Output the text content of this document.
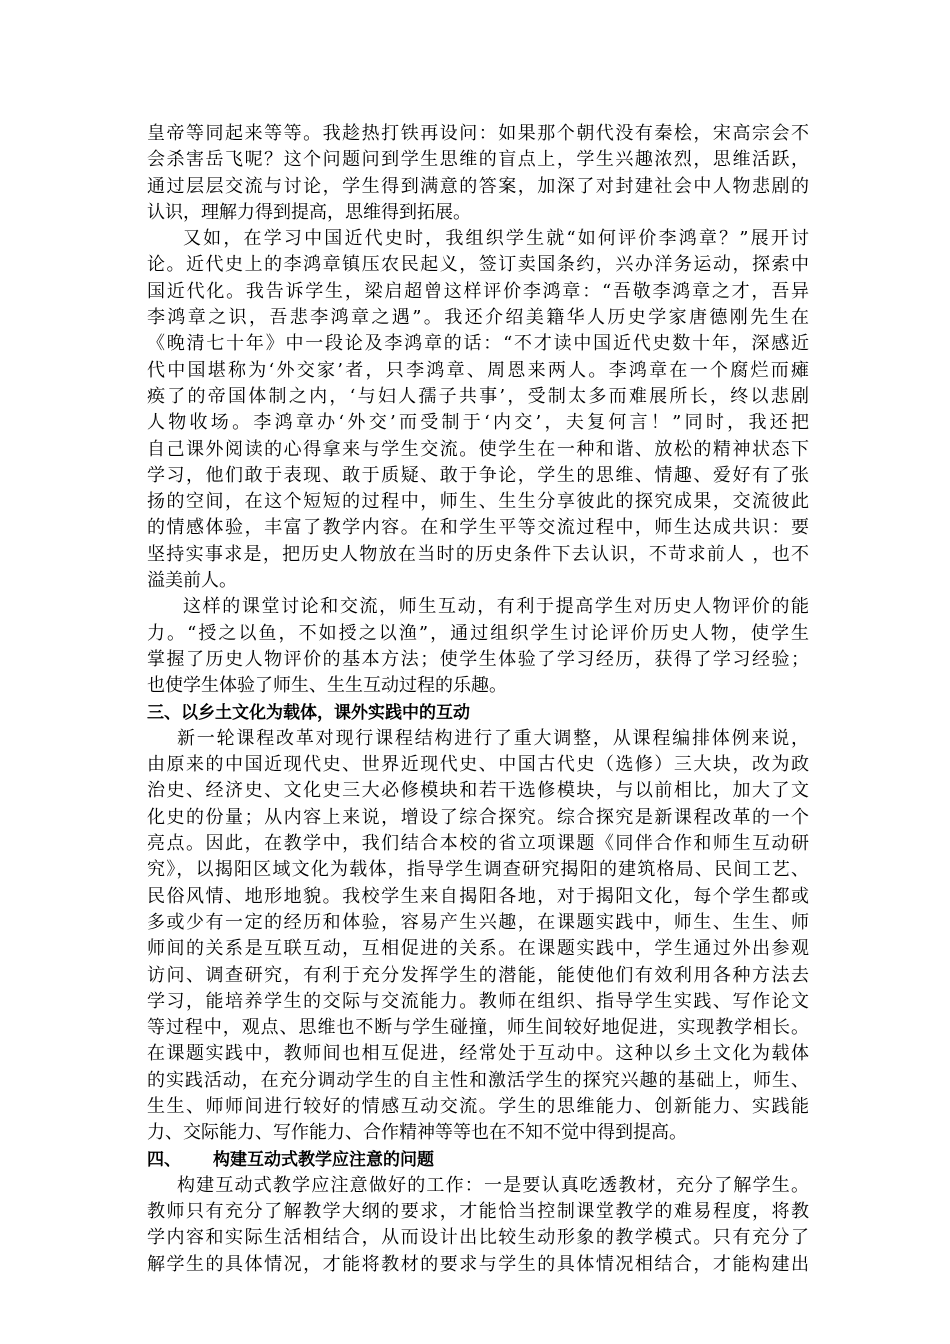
皇帝等同起来等等。我趁热打铁再设问：如果那个朝代没有秦桧，宋高宗会不
会杀害岳飞呢？这个问题问到学生思维的盲点上，学生兴趣浓烈，思维活跃，
通过层层交流与讨论，学生得到满意的答案，加深了对封建社会中人物悲剧的
认识，理解力得到提高，思维得到拓展。
又如，在学习中国近代史时，我组织学生就“如何评价李鸿章？”展开讨
论。近代史上的李鸿章镇压农民起义，签订卖国条约，兴办洋务运动，探索中
国近代化。我告诉学生，梁启超曾这样评价李鸿章：“吾敬李鸿章之才，吾异
李鸿章之识，吾悲李鸿章之遇”。我还介绍美籍华人历史学家唐德刚先生在
《晚清七十年》中一段论及李鸿章的话：“不才读中国近代史数十年，深感近
代中国堪称为‘外交家’者，只李鸿章、周恩来两人。李鸿章在一个腐烂而瘫
痪了的帝国体制之内，‘与妇人孺子共事’，受制太多而难展所长，终以悲剧
人物收场。李鸿章办‘外交’而受制于‘内交’，夫复何言！”同时，我还把
自己课外阅读的心得拿来与学生交流。使学生在一种和谐、放松的精神状态下
学习，他们敢于表现、敢于质疑、敢于争论，学生的思维、情趣、爱好有了张
扬的空间，在这个短短的过程中，师生、生生分享彼此的探究成果，交流彼此
的情感体验，丰富了教学内容。在和学生平等交流过程中，师生达成共识：要
坚持实事求是，把历史人物放在当时的历史条件下去认识，不苛求前人 ，也不
溢美前人。
这样的课堂讨论和交流，师生互动，有利于提高学生对历史人物评价的能
力。“授之以鱼，不如授之以渔”，通过组织学生讨论评价历史人物，使学生
掌握了历史人物评价的基本方法；使学生体验了学习经历，获得了学习经验；
也使学生体验了师生、生生互动过程的乐趣。
三、以乡土文化为载体，课外实践中的互动
新一轮课程改革对现行课程结构进行了重大调整，从课程编排体例来说，
由原来的中国近现代史、世界近现代史、中国古代史（选修）三大块，改为政
治史、经济史、文化史三大必修模块和若干选修模块，与以前相比，加大了文
化史的份量；从内容上来说，增设了综合探究。综合探究是新课程改革的一个
亮点。因此，在教学中，我们结合本校的省立项课题《同伴合作和师生互动研
究》，以揭阳区域文化为载体，指导学生调查研究揭阳的建筑格局、民间工艺、
民俗风情、地形地貌。我校学生来自揭阳各地，对于揭阳文化，每个学生都或
多或少有一定的经历和体验，容易产生兴趣，在课题实践中，师生、生生、师
师间的关系是互联互动，互相促进的关系。在课题实践中，学生通过外出参观
访问、调查研究，有利于充分发挥学生的潜能，能使他们有效利用各种方法去
学习，能培养学生的交际与交流能力。教师在组织、指导学生实践、写作论文
等过程中，观点、思维也不断与学生碰撞，师生间较好地促进，实现教学相长。
在课题实践中，教师间也相互促进，经常处于互动中。这种以乡土文化为载体
的实践活动，在充分调动学生的自主性和激活学生的探究兴趣的基础上，师生、
生生、师师间进行较好的情感互动交流。学生的思维能力、创新能力、实践能
力、交际能力、写作能力、合作精神等等也在不知不觉中得到提高。
四、 构建互动式教学应注意的问题
构建互动式教学应注意做好的工作：一是要认真吃透教材，充分了解学生。
教师只有充分了解教学大纲的要求，才能恰当控制课堂教学的难易程度，将教
学内容和实际生活相结合，从而设计出比较生动形象的教学模式。只有充分了
解学生的具体情况，才能将教材的要求与学生的具体情况相结合，才能构建出
